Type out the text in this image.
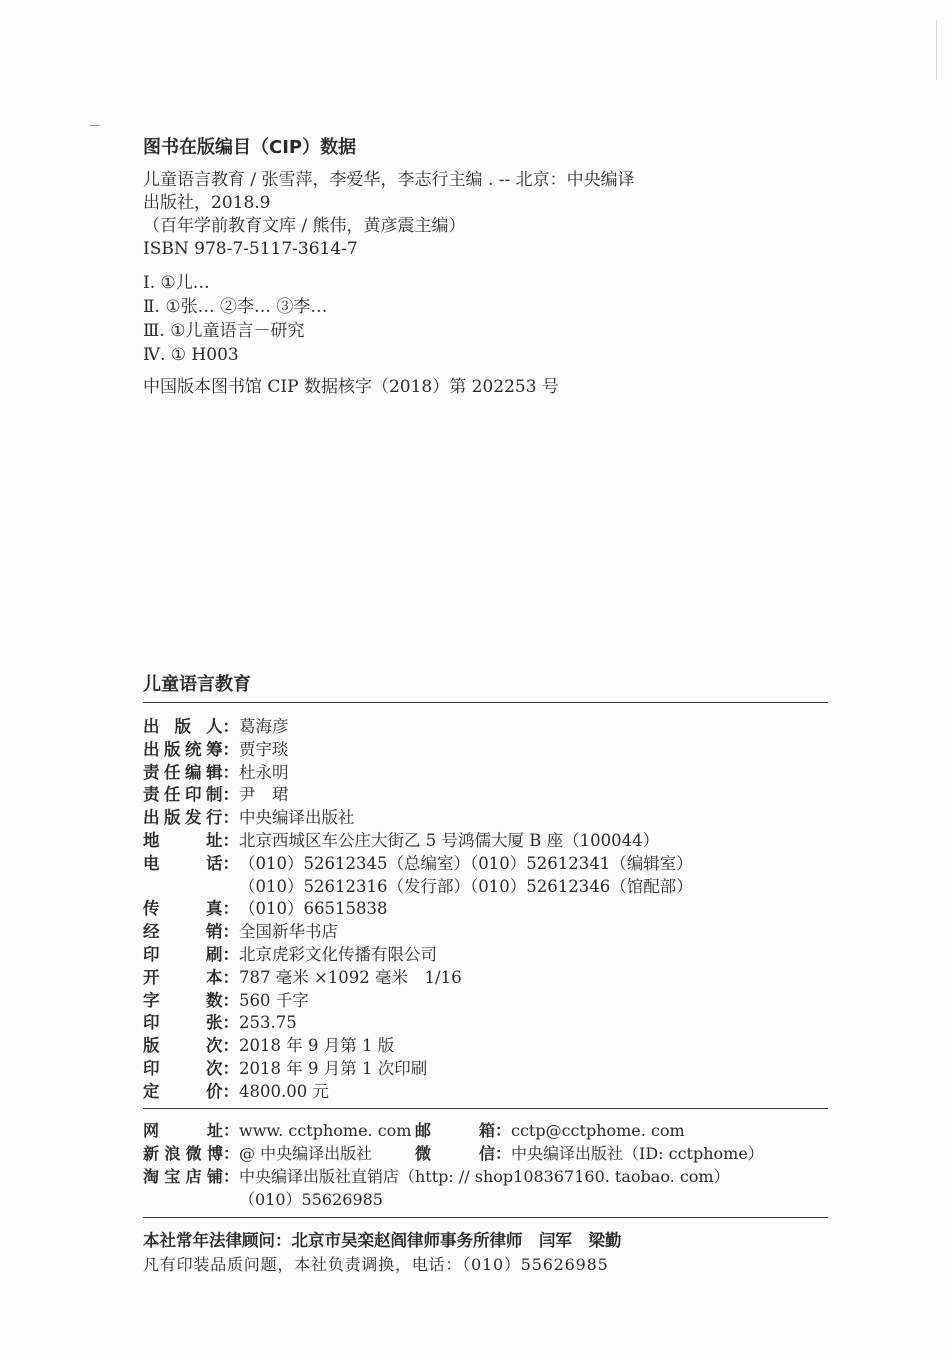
图书在版编目（CIP）数据
儿童语言教育 / 张雪萍，李爱华，李志行主编 . -- 北京：中央编译
出版社，2018.9
（百年学前教育文库 / 熊伟，黄彦震主编）
ISBN 978-7-5117-3614-7
Ⅰ. ①儿…
Ⅱ. ①张… ②李… ③李…
Ⅲ. ①儿童语言－研究
Ⅳ. ① H003
中国版本图书馆 CIP 数据核字（2018）第 202253 号
儿童语言教育
出 版 人： 葛海彦
出 版 统 筹： 贾宇琰
责 任 编 辑： 杜永明
责 任 印 制： 尹　珺
出 版 发 行： 中央编译出版社
地	址： 北京西城区车公庄大街乙 5 号鸿儒大厦 B 座（100044）
电	话： （010）52612345（总编室）（010）52612341（编辑室）
（010）52612316（发行部）（010）52612346（馆配部）
传	真： （010）66515838
经	销： 全国新华书店
印	刷： 北京虎彩文化传播有限公司
开	本： 787 毫米 ×1092 毫米　1/16
字	数： 560 千字
印	张： 253.75
版	次： 2018 年 9 月第 1 版
印	次： 2018 年 9 月第 1 次印刷
定	价： 4800.00 元
网	址： www. cctphome. com 邮	箱： cctp@cctphome. com
新 浪 微 博： @ 中央编译出版社	微	信： 中央编译出版社（ID: cctphome）
淘 宝 店 铺： 中央编译出版社直销店（http: // shop108367160. taobao. com）
（010）55626985
本社常年法律顾问：北京市吴栾赵阎律师事务所律师　闫军　梁勤
凡有印装品质问题，本社负责调换，电话：（010）55626985
